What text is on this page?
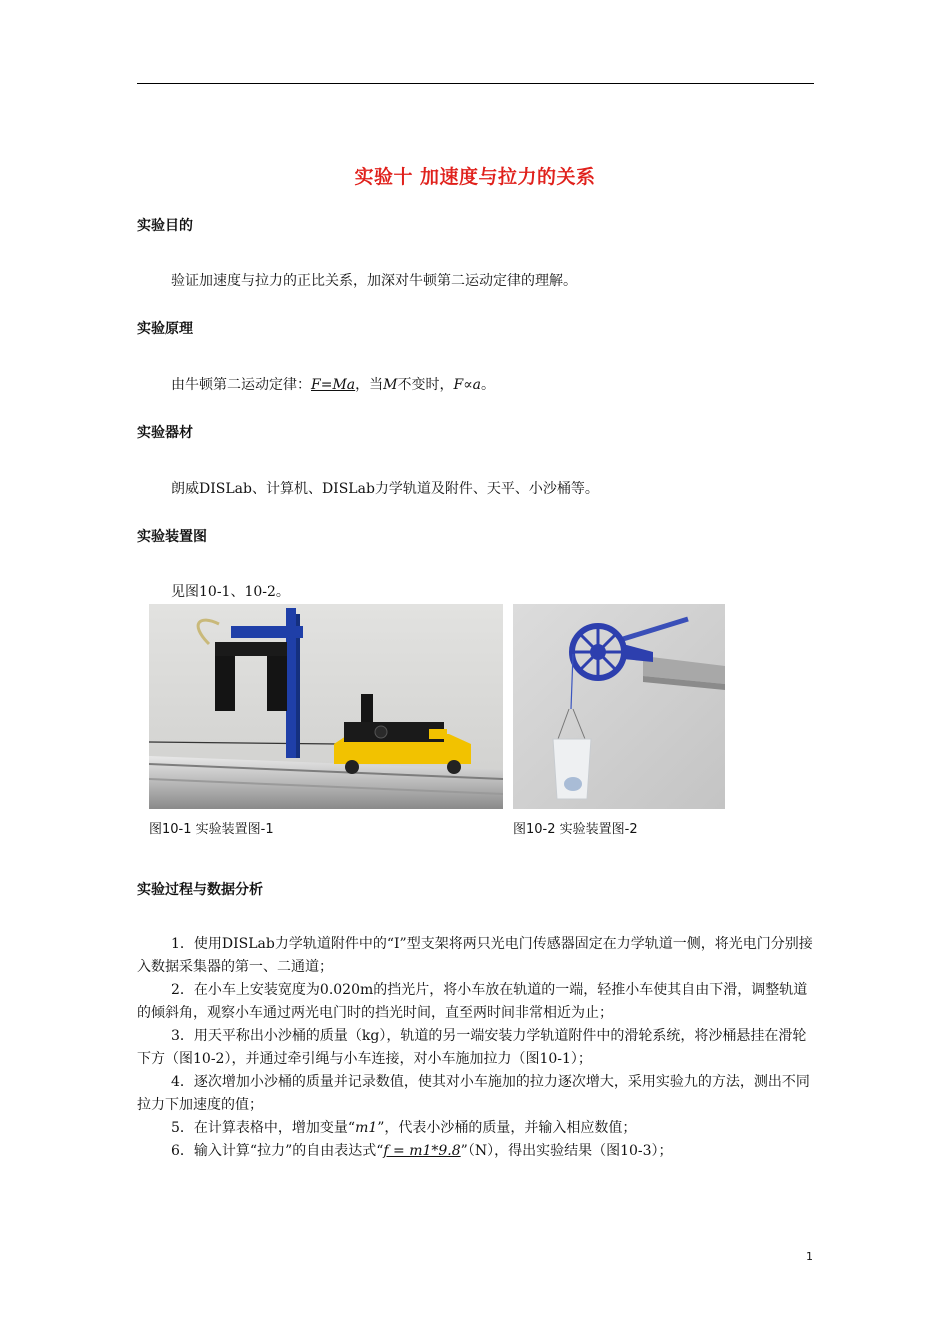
实验十 加速度与拉力的关系
实验目的
验证加速度与拉力的正比关系，加深对牛顿第二运动定律的理解。
实验原理
由牛顿第二运动定律：F=Ma，当M不变时，F∝a。
实验器材
朗威DISLab、计算机、DISLab力学轨道及附件、天平、小沙桶等。
实验装置图
见图10-1、10-2。
图10-1 实验装置图-1	图10-2 实验装置图-2
实验过程与数据分析
1．使用DISLab力学轨道附件中的“Ⅰ”型支架将两只光电门传感器固定在力学轨道一侧，将光电门分别接入数据采集器的第一、二通道；
2．在小车上安装宽度为0.020m的挡光片，将小车放在轨道的一端，轻推小车使其自由下滑，调整轨道的倾斜角，观察小车通过两光电门时的挡光时间，直至两时间非常相近为止；
3．用天平称出小沙桶的质量（kg），轨道的另一端安装力学轨道附件中的滑轮系统，将沙桶悬挂在滑轮下方（图10-2），并通过牵引绳与小车连接，对小车施加拉力（图10-1）；
4．逐次增加小沙桶的质量并记录数值，使其对小车施加的拉力逐次增大，采用实验九的方法，测出不同拉力下加速度的值；
5．在计算表格中，增加变量“m1”，代表小沙桶的质量，并输入相应数值；
6．输入计算“拉力”的自由表达式“f = m1*9.8”（N），得出实验结果（图10-3）；
1
